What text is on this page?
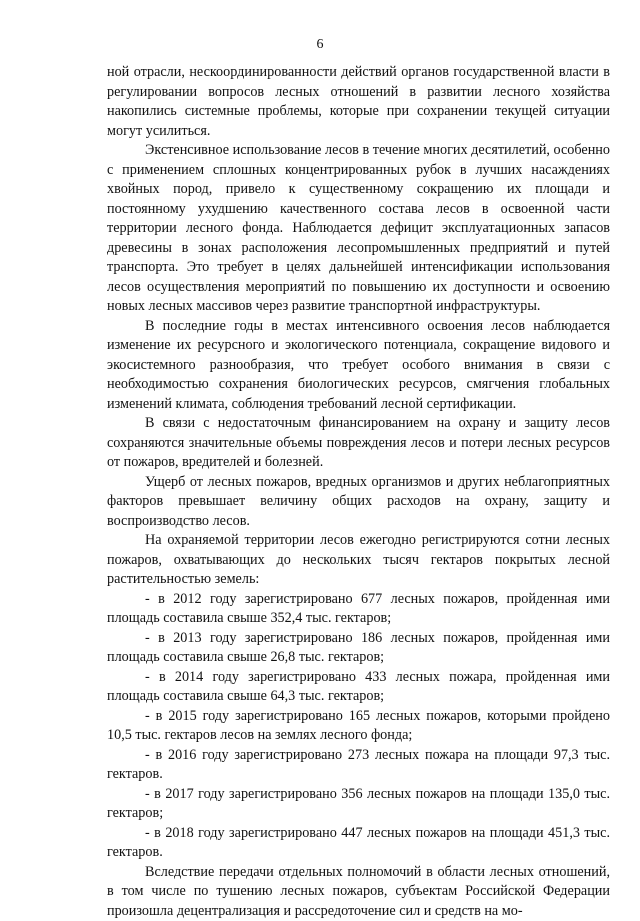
6

ной отрасли, нескоординированности действий органов государственной власти в регулировании вопросов лесных отношений в развитии лесного хозяйства накопились системные проблемы, которые при сохранении текущей ситуации могут усилиться.

Экстенсивное использование лесов в течение многих десятилетий, особенно с применением сплошных концентрированных рубок в лучших насаждениях хвойных пород, привело к существенному сокращению их площади и постоянному ухудшению качественного состава лесов в освоенной части территории лесного фонда. Наблюдается дефицит эксплуатационных запасов древесины в зонах расположения лесопромышленных предприятий и путей транспорта. Это требует в целях дальнейшей интенсификации использования лесов осуществления мероприятий по повышению их доступности и освоению новых лесных массивов через развитие транспортной инфраструктуры.

В последние годы в местах интенсивного освоения лесов наблюдается изменение их ресурсного и экологического потенциала, сокращение видового и экосистемного разнообразия, что требует особого внимания в связи с необходимостью сохранения биологических ресурсов, смягчения глобальных изменений климата, соблюдения требований лесной сертификации.

В связи с недостаточным финансированием на охрану и защиту лесов сохраняются значительные объемы повреждения лесов и потери лесных ресурсов от пожаров, вредителей и болезней.

Ущерб от лесных пожаров, вредных организмов и других неблагоприятных факторов превышает величину общих расходов на охрану, защиту и воспроизводство лесов.

На охраняемой территории лесов ежегодно регистрируются сотни лесных пожаров, охватывающих до нескольких тысяч гектаров покрытых лесной растительностью земель:

- в 2012 году зарегистрировано 677 лесных пожаров, пройденная ими площадь составила свыше 352,4 тыс. гектаров;

- в 2013 году зарегистрировано 186 лесных пожаров, пройденная ими площадь составила свыше 26,8 тыс. гектаров;

- в 2014 году зарегистрировано 433 лесных пожара, пройденная ими площадь составила свыше 64,3 тыс. гектаров;

- в 2015 году зарегистрировано 165 лесных пожаров, которыми пройдено 10,5 тыс. гектаров лесов на землях лесного фонда;

- в 2016 году зарегистрировано 273 лесных пожара на площади 97,3 тыс. гектаров.

- в 2017 году зарегистрировано 356 лесных пожаров на площади 135,0 тыс. гектаров;

- в 2018 году зарегистрировано 447 лесных пожаров на площади 451,3 тыс. гектаров.

Вследствие передачи отдельных полномочий в области лесных отношений, в том числе по тушению лесных пожаров, субъектам Российской Федерации произошла децентрализация и рассредоточение сил и средств на мо-
